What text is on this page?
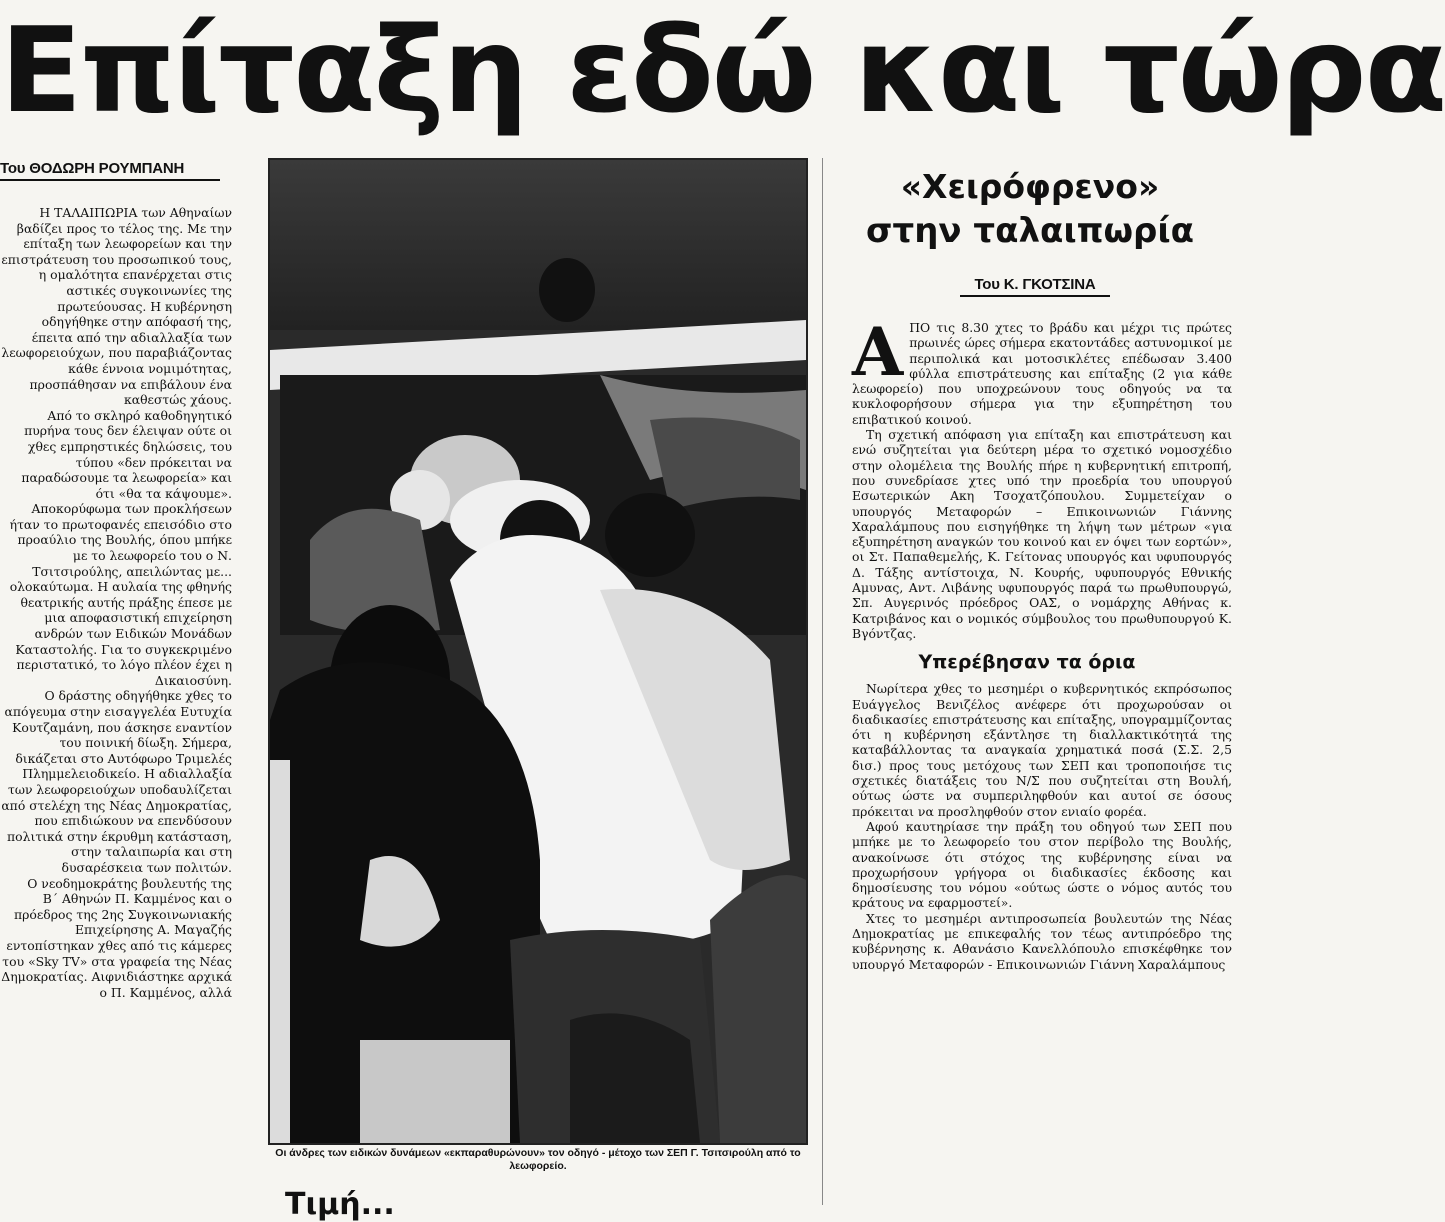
Επίταξη εδώ και τώρα
Του ΘΟΔΩΡΗ ΡΟΥΜΠΑΝΗ

Η ΤΑΛΑΙΠΩΡΙΑ των Αθηναίων βαδίζει προς το τέλος της. Με την επίταξη των λεωφορείων και την επιστράτευση του προσωπικού τους, η ομαλότητα επανέρχεται στις αστικές συγκοινωνίες της πρωτεύουσας. Η κυβέρνηση οδηγήθηκε στην απόφασή της, έπειτα από την αδιαλλαξία των λεωφορειούχων, που παραβιάζοντας κάθε έννοια νομιμότητας, προσπάθησαν να επιβάλουν ένα καθεστώς χάους.

Από το σκληρό καθοδηγητικό πυρήνα τους δεν έλειψαν ούτε οι χθες εμπρηστικές δηλώσεις, του τύπου «δεν πρόκειται να παραδώσουμε τα λεωφορεία» και ότι «θα τα κάψουμε».

Αποκορύφωμα των προκλήσεων ήταν το πρωτοφανές επεισόδιο στο προαύλιο της Βουλής, όπου μπήκε με το λεωφορείο του ο Ν. Τσιτσιρούλης, απειλώντας με... ολοκαύτωμα. Η αυλαία της φθηνής θεατρικής αυτής πράξης έπεσε με μια αποφασιστική επιχείρηση ανδρών των Ειδικών Μονάδων Καταστολής. Για το συγκεκριμένο περιστατικό, το λόγο πλέον έχει η Δικαιοσύνη.

Ο δράστης οδηγήθηκε χθες το απόγευμα στην εισαγγελέα Ευτυχία Κουτζαμάνη, που άσκησε εναντίον του ποινική δίωξη. Σήμερα, δικάζεται στο Αυτόφωρο Τριμελές Πλημμελειοδικείο. Η αδιαλλαξία των λεωφορειούχων υποδαυλίζεται από στελέχη της Νέας Δημοκρατίας, που επιδιώκουν να επενδύσουν πολιτικά στην έκρυθμη κατάσταση, στην ταλαιπωρία και στη δυσαρέσκεια των πολιτών.

Ο νεοδημοκράτης βουλευτής της Β΄ Αθηνών Π. Καμμένος και ο πρόεδρος της 2ης Συγκοινωνιακής Επιχείρησης Α. Μαγαζής εντοπίστηκαν χθες από τις κάμερες του «Sky TV» στα γραφεία της Νέας Δημοκρατίας. Αιφνιδιάστηκε αρχικά ο Π. Καμμένος, αλλά

Οι άνδρες των ειδικών δυνάμεων «εκπαραθυρώνουν» τον οδηγό - μέτοχο των ΣΕΠ Γ. Τσιτσιρούλη από το λεωφορείο.
Τιμή...
«Χειρόφρενο»
στην ταλαιπωρία
Του Κ. ΓΚΟΤΣΙΝΑ

ΑΠΟ τις 8.30 χτες το βράδυ και μέχρι τις πρώτες πρωινές ώρες σήμερα εκατοντάδες αστυνομικοί με περιπολικά και μοτοσικλέτες επέδωσαν 3.400 φύλλα επιστράτευσης και επίταξης (2 για κάθε λεωφορείο) που υποχρεώνουν τους οδηγούς να τα κυκλοφορήσουν σήμερα για την εξυπηρέτηση του επιβατικού κοινού.

Τη σχετική απόφαση για επίταξη και επιστράτευση και ενώ συζητείται για δεύτερη μέρα το σχετικό νομοσχέδιο στην ολομέλεια της Βουλής πήρε η κυβερνητική επιτροπή, που συνεδρίασε χτες υπό την προεδρία του υπουργού Εσωτερικών Ακη Τσοχατζόπουλου. Συμμετείχαν ο υπουργός Μεταφορών – Επικοινωνιών Γιάννης Χαραλάμπους που εισηγήθηκε τη λήψη των μέτρων «για εξυπηρέτηση αναγκών του κοινού και εν όψει των εορτών», οι Στ. Παπαθεμελής, Κ. Γείτονας υπουργός και υφυπουργός Δ. Τάξης αντίστοιχα, Ν. Κουρής, υφυπουργός Εθνικής Αμυνας, Αντ. Λιβάνης υφυπουργός παρά τω πρωθυπουργώ, Σπ. Αυγερινός πρόεδρος ΟΑΣ, ο νομάρχης Αθήνας κ. Κατριβάνος και ο νομικός σύμβουλος του πρωθυπουργού Κ. Βγόντζας.

Υπερέβησαν τα όρια

Νωρίτερα χθες το μεσημέρι ο κυβερνητικός εκπρόσωπος Ευάγγελος Βενιζέλος ανέφερε ότι προχωρούσαν οι διαδικασίες επιστράτευσης και επίταξης, υπογραμμίζοντας ότι η κυβέρνηση εξάντλησε τη διαλλακτικότητά της καταβάλλοντας τα αναγκαία χρηματικά ποσά (Σ.Σ. 2,5 δισ.) προς τους μετόχους των ΣΕΠ και τροποποιήσε τις σχετικές διατάξεις του Ν/Σ που συζητείται στη Βουλή, ούτως ώστε να συμπεριληφθούν και αυτοί σε όσους πρόκειται να προσληφθούν στον ενιαίο φορέα.

Αφού καυτηρίασε την πράξη του οδηγού των ΣΕΠ που μπήκε με το λεωφορείο του στον περίβολο της Βουλής, ανακοίνωσε ότι στόχος της κυβέρνησης είναι να προχωρήσουν γρήγορα οι διαδικασίες έκδοσης και δημοσίευσης του νόμου «ούτως ώστε ο νόμος αυτός του κράτους να εφαρμοστεί».

Χτες το μεσημέρι αντιπροσωπεία βουλευτών της Νέας Δημοκρατίας με επικεφαλής τον τέως αντιπρόεδρο της κυβέρνησης κ. Αθανάσιο Κανελλόπουλο επισκέφθηκε τον υπουργό Μεταφορών - Επικοινωνιών Γιάννη Χαραλάμπους
